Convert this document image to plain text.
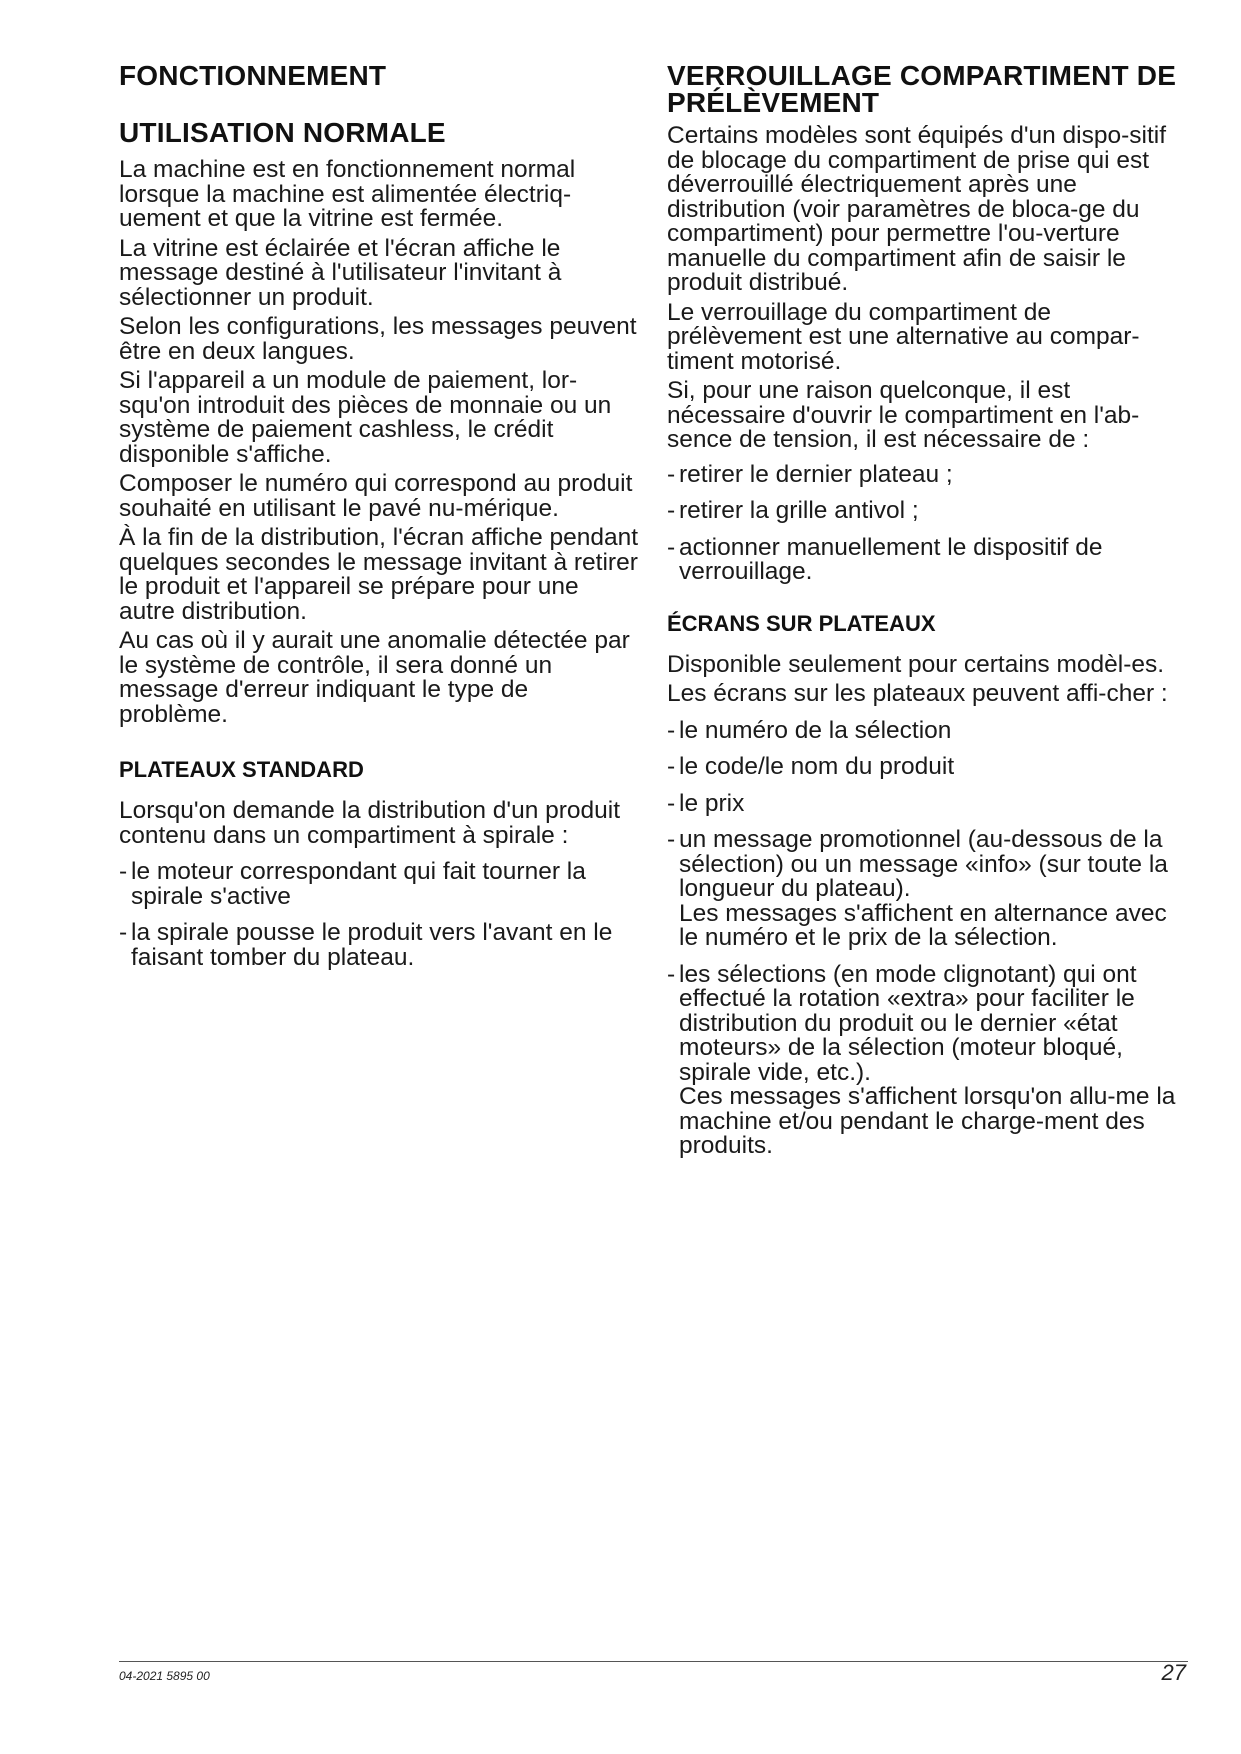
FONCTIONNEMENT
UTILISATION NORMALE

La machine est en fonctionnement normal lorsque la machine est alimentée électriq-uement et que la vitrine est fermée.

La vitrine est éclairée et l'écran affiche le message destiné à l'utilisateur l'invitant à sélectionner un produit.

Selon les configurations, les messages peuvent être en deux langues.

Si l'appareil a un module de paiement, lor-squ'on introduit des pièces de monnaie ou un système de paiement cashless, le crédit disponible s'affiche.

Composer le numéro qui correspond au produit souhaité en utilisant le pavé nu-mérique.

À la fin de la distribution, l'écran affiche pendant quelques secondes le message invitant à retirer le produit et l'appareil se prépare pour une autre distribution.

Au cas où il y aurait une anomalie détectée par le système de contrôle, il sera donné un message d'erreur indiquant le type de problème.

PLATEAUX STANDARD

Lorsqu'on demande la distribution d'un produit contenu dans un compartiment à spirale :

- le moteur correspondant qui fait tourner la spirale s'active
- la spirale pousse le produit vers l'avant en le faisant tomber du plateau.
VERROUILLAGE COMPARTIMENT DE PRÉLÈVEMENT

Certains modèles sont équipés d'un dispo-sitif de blocage du compartiment de prise qui est déverrouillé électriquement après une distribution (voir paramètres de bloca-ge du compartiment) pour permettre l'ou-verture manuelle du compartiment afin de saisir le produit distribué.

Le verrouillage du compartiment de prélèvement est une alternative au compar-timent motorisé.

Si, pour une raison quelconque, il est nécessaire d'ouvrir le compartiment en l'ab-sence de tension, il est nécessaire de :

- retirer le dernier plateau ;
- retirer la grille antivol ;
- actionner manuellement le dispositif de verrouillage.
ÉCRANS SUR PLATEAUX

Disponible seulement pour certains modèl-es.

Les écrans sur les plateaux peuvent affi-cher :

- le numéro de la sélection
- le code/le nom du produit
- le prix
- un message promotionnel (au-dessous de la sélection) ou un message «info» (sur toute la longueur du plateau).
Les messages s'affichent en alternance avec le numéro et le prix de la sélection.
- les sélections (en mode clignotant) qui ont effectué la rotation «extra» pour faciliter le distribution du produit ou le dernier «état moteurs» de la sélection (moteur bloqué, spirale vide, etc.).
Ces messages s'affichent lorsqu'on allu-me la machine et/ou pendant le charge-ment des produits.
04-2021 5895 00	27
